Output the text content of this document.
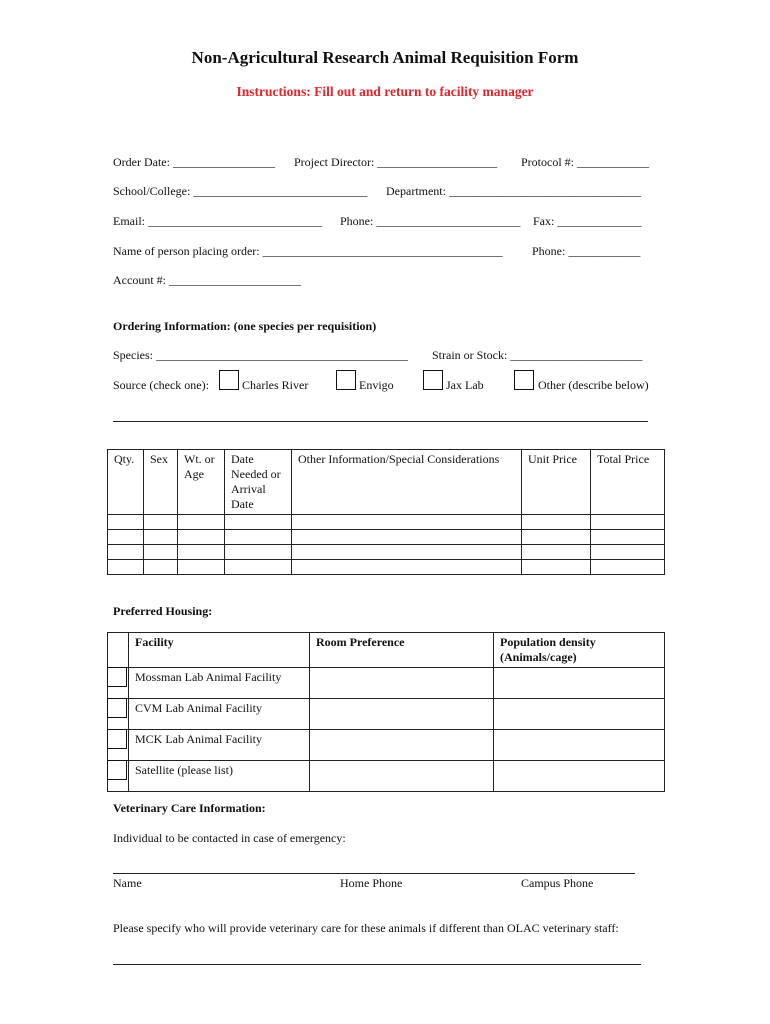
Non-Agricultural Research Animal Requisition Form
Instructions: Fill out and return to facility manager
Order Date: _________________ Project Director: ____________________ Protocol #: ____________
School/College: _____________________________ Department: ________________________________
Email: _____________________________ Phone: ________________________ Fax: ______________
Name of person placing order: ________________________________________ Phone: ____________
Account #: ______________________
Ordering Information: (one species per requisition)
Species: __________________________________________ Strain or Stock: ______________________
Source (check one):	Charles River	Envigo	Jax Lab	Other (describe below)
Qty.	Sex	Wt. or Age	Date Needed or Arrival Date	Other Information/Special Considerations	Unit Price	Total Price

Preferred Housing:
	Facility	Room Preference	Population density (Animals/cage)
	Mossman Lab Animal Facility		
	CVM Lab Animal Facility		
	MCK Lab Animal Facility		
	Satellite (please list)		
Veterinary Care Information:
Individual to be contacted in case of emergency:
Name	Home Phone	Campus Phone
Please specify who will provide veterinary care for these animals if different than OLAC veterinary staff:
